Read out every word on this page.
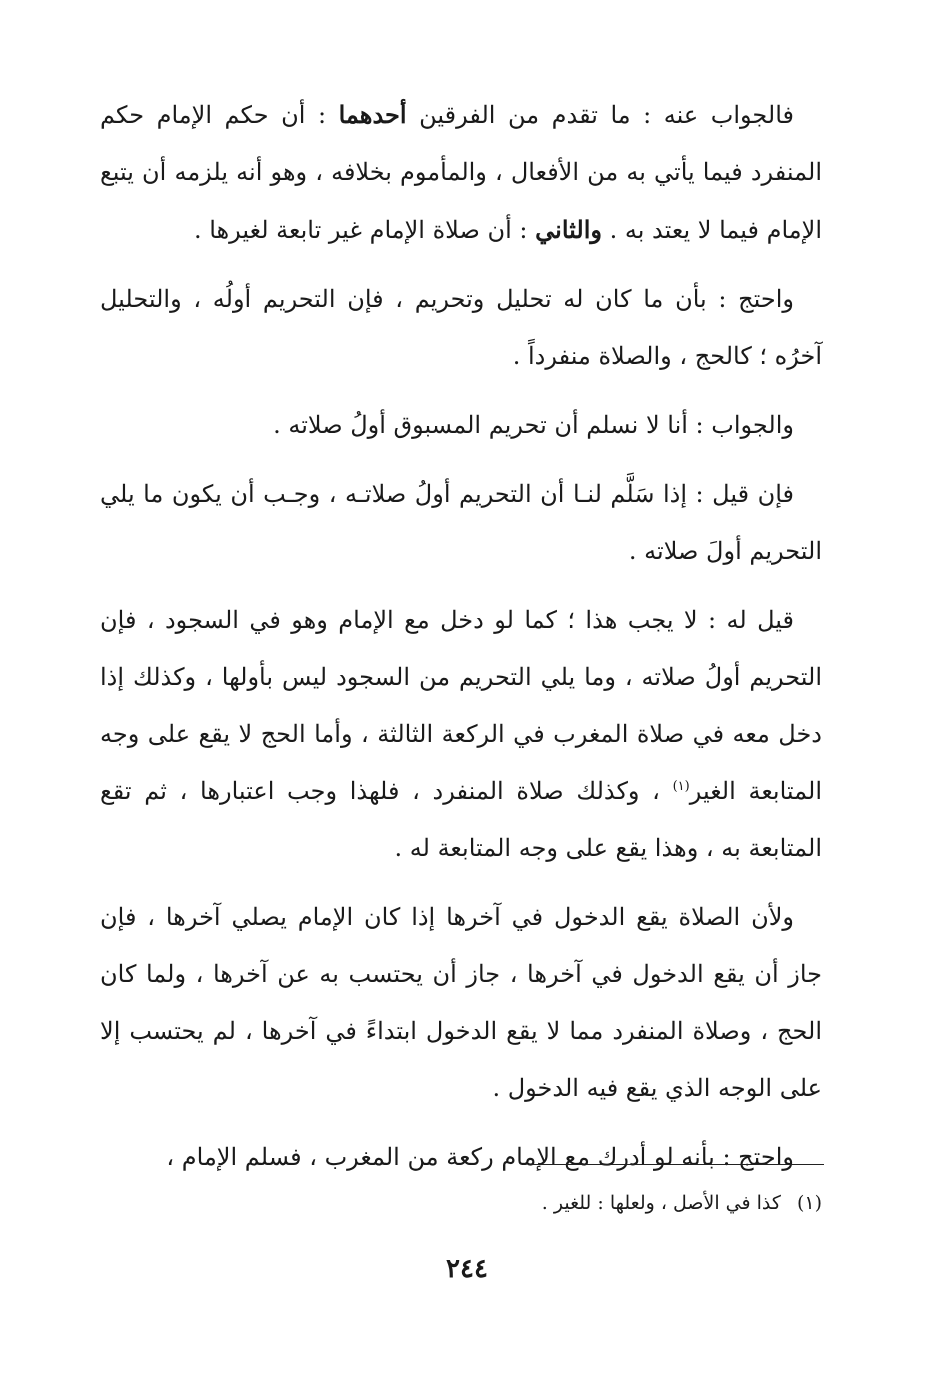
فالجواب عنه : ما تقدم من الفرقين أحدهما : أن حكم الإمام حكم المنفرد فيما يأتي به من الأفعال ، والمأموم بخلافه ، وهو أنه يلزمه أن يتبع الإمام فيما لا يعتد به . والثاني : أن صلاة الإمام غير تابعة لغيرها .

واحتج : بأن ما كان له تحليل وتحريم ، فإن التحريم أولُه ، والتحليل آخرُه ؛ كالحج ، والصلاة منفرداً .

والجواب : أنا لا نسلم أن تحريم المسبوق أولُ صلاته .

فإن قيل : إذا سَلَّم لنـا أن التحريم أولُ صلاتـه ، وجـب أن يكون ما يلي التحريم أولَ صلاته .

قيل له : لا يجب هذا ؛ كما لو دخل مع الإمام وهو في السجود ، فإن التحريم أولُ صلاته ، وما يلي التحريم من السجود ليس بأولها ، وكذلك إذا دخل معه في صلاة المغرب في الركعة الثالثة ، وأما الحج لا يقع على وجه المتابعة الغير$^{(١)}$ ، وكذلك صلاة المنفرد ، فلهذا وجب اعتبارها ، ثم تقع المتابعة به ، وهذا يقع على وجه المتابعة له .

ولأن الصلاة يقع الدخول في آخرها إذا كان الإمام يصلي آخرها ، فإن جاز أن يقع الدخول في آخرها ، جاز أن يحتسب به عن آخرها ، ولما كان الحج ، وصلاة المنفرد مما لا يقع الدخول ابتداءً في آخرها ، لم يحتسب إلا على الوجه الذي يقع فيه الدخول .

واحتج : بأنه لو أدرك مع الإمام ركعة من المغرب ، فسلم الإمام ،

(١)كذا في الأصل ، ولعلها : للغير .
٢٤٤
